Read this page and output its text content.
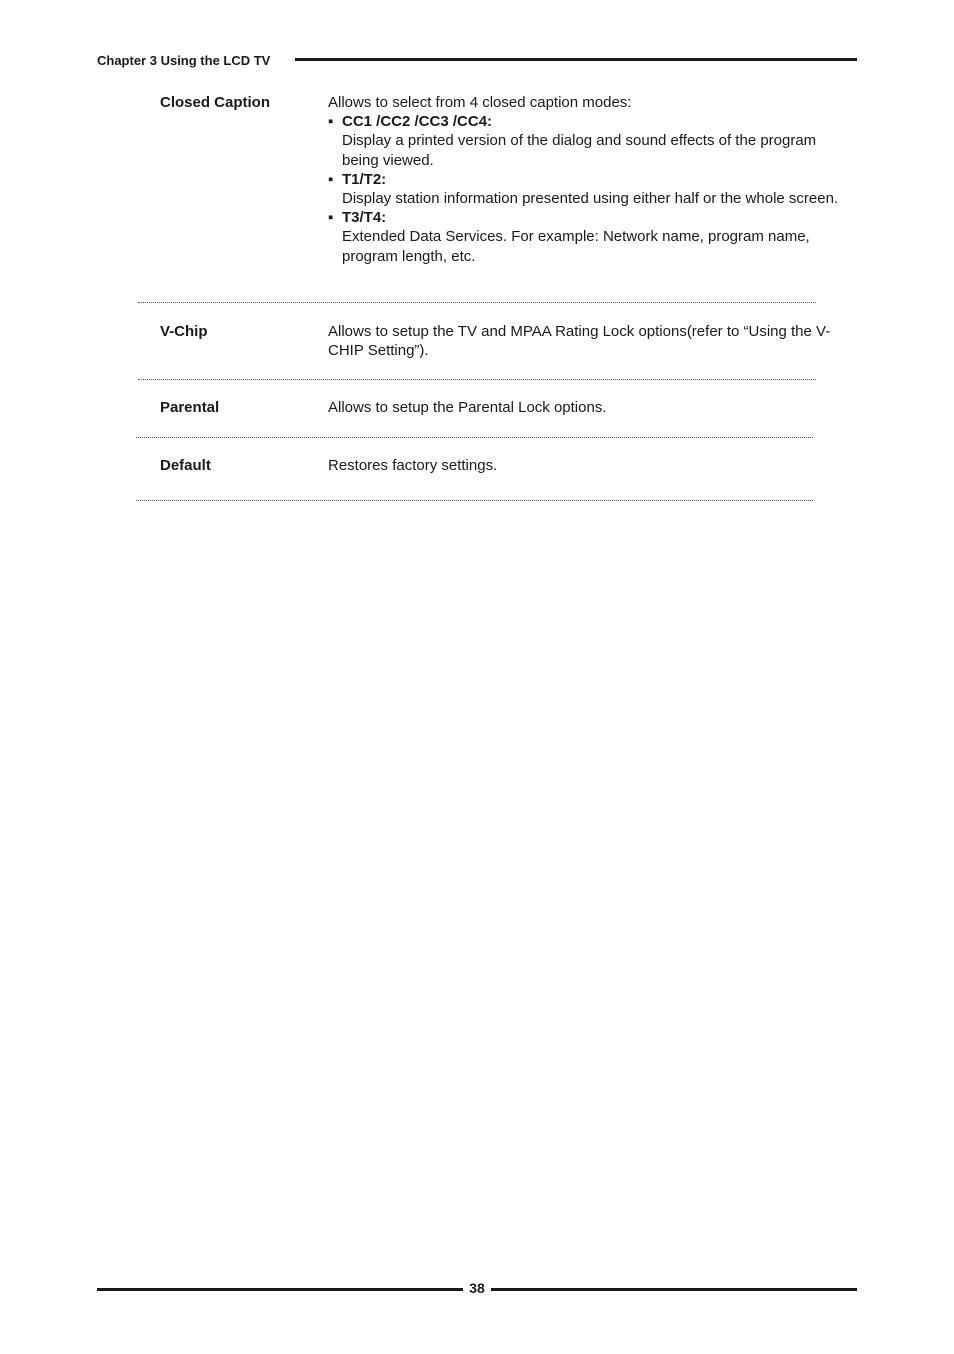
Chapter 3 Using the LCD TV
Closed Caption	Allows to select from 4 closed caption modes:
▪ CC1 /CC2 /CC3 /CC4:
Display a printed version of the dialog and sound effects of the program being viewed.
▪ T1/T2:
Display station information presented using either half or the whole screen.
▪ T3/T4:
Extended Data Services. For example: Network name, program name, program length, etc.
V-Chip	Allows to setup the TV and MPAA Rating Lock options(refer to “Using the V-CHIP Setting”).
Parental	Allows to setup the Parental Lock options.
Default	Restores factory settings.
38
